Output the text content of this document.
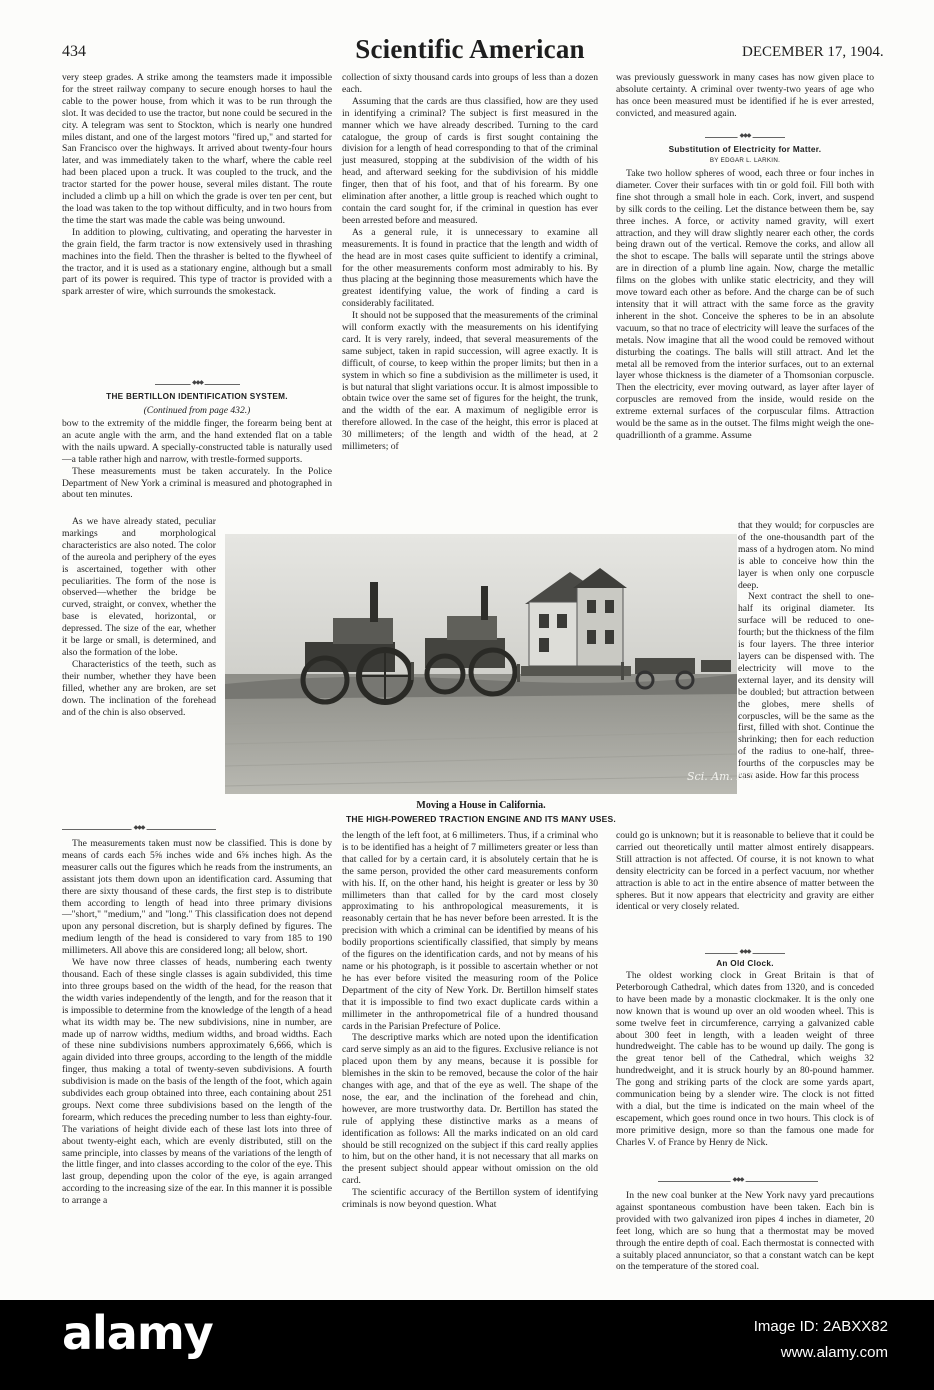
434	Scientific American	DECEMBER 17, 1904.

very steep grades. A strike among the teamsters made it impossible for the street railway company to secure enough horses to haul the cable to the power house, from which it was to be run through the slot. It was decided to use the tractor, but none could be secured in the city. A telegram was sent to Stockton, which is nearly one hundred miles distant, and one of the largest motors "fired up," and started for San Francisco over the highways. It arrived about twenty-four hours later, and was immediately taken to the wharf, where the cable reel had been placed upon a truck. It was coupled to the truck, and the tractor started for the power house, several miles distant. The route included a climb up a hill on which the grade is over ten per cent, but the load was taken to the top without difficulty, and in two hours from the time the start was made the cable was being unwound.

In addition to plowing, cultivating, and operating the harvester in the grain field, the farm tractor is now extensively used in thrashing machines into the field. Then the thrasher is belted to the flywheel of the tractor, and it is used as a stationary engine, although but a small part of its power is required. This type of tractor is provided with a spark arrester of wire, which surrounds the smokestack.

◆◆◆
THE BERTILLON IDENTIFICATION SYSTEM.
(Continued from page 432.)

bow to the extremity of the middle finger, the forearm being bent at an acute angle with the arm, and the hand extended flat on a table with the nails upward. A specially-constructed table is naturally used—a table rather high and narrow, with trestle-formed supports.

These measurements must be taken accurately. In the Police Department of New York a criminal is measured and photographed in about ten minutes.

As we have already stated, peculiar markings and morphological characteristics are also noted. The color of the aureola and periphery of the eyes is ascertained, together with other peculiarities. The form of the nose is observed—whether the bridge be curved, straight, or convex, whether the base is elevated, horizontal, or depressed. The size of the ear, whether it be large or small, is determined, and also the formation of the lobe.

Characteristics of the teeth, such as their number, whether they have been filled, whether any are broken, are set down. The inclination of the forehead and of the chin is also observed.

◆◆◆

The measurements taken must now be classified. This is done by means of cards each 5⅝ inches wide and 6⅝ inches high. As the measurer calls out the figures which he reads from the instruments, an assistant jots them down upon an identification card. Assuming that there are sixty thousand of these cards, the first step is to distribute them according to length of head into three primary divisions—"short," "medium," and "long." This classification does not depend upon any personal discretion, but is sharply defined by figures. The medium length of the head is considered to vary from 185 to 190 millimeters. All above this are considered long; all below, short.

We have now three classes of heads, numbering each twenty thousand. Each of these single classes is again subdivided, this time into three groups based on the width of the head, for the reason that the width varies independently of the length, and for the reason that it is impossible to determine from the knowledge of the length of a head what its width may be. The new subdivisions, nine in number, are made up of narrow widths, medium widths, and broad widths. Each of these nine subdivisions numbers approximately 6,666, which is again divided into three groups, according to the length of the middle finger, thus making a total of twenty-seven subdivisions. A fourth subdivision is made on the basis of the length of the foot, which again subdivides each group obtained into three, each containing about 251 groups. Next come three subdivisions based on the length of the forearm, which reduces the preceding number to less than eighty-four. The variations of height divide each of these last lots into three of about twenty-eight each, which are evenly distributed, still on the same principle, into classes by means of the variations of the length of the little finger, and into classes according to the color of the eye. This last group, depending upon the color of the eye, is again arranged according to the increasing size of the ear. In this manner it is possible to arrange a

collection of sixty thousand cards into groups of less than a dozen each.

Assuming that the cards are thus classified, how are they used in identifying a criminal? The subject is first measured in the manner which we have already described. Turning to the card catalogue, the group of cards is first sought containing the division for a length of head corresponding to that of the criminal just measured, stopping at the subdivision of the width of his head, and afterward seeking for the subdivision of his middle finger, then that of his foot, and that of his forearm. By one elimination after another, a little group is reached which ought to contain the card sought for, if the criminal in question has ever been arrested before and measured.

As a general rule, it is unnecessary to examine all measurements. It is found in practice that the length and width of the head are in most cases quite sufficient to identify a criminal, for the other measurements conform most admirably to his. By thus placing at the beginning those measurements which have the greatest identifying value, the work of finding a card is considerably facilitated.

It should not be supposed that the measurements of the criminal will conform exactly with the measurements on his identifying card. It is very rarely, indeed, that several measurements of the same subject, taken in rapid succession, will agree exactly. It is difficult, of course, to keep within the proper limits; but then in a system in which so fine a subdivision as the millimeter is used, it is but natural that slight variations occur. It is almost impossible to obtain twice over the same set of figures for the height, the trunk, and the width of the ear. A maximum of negligible error is therefore allowed. In the case of the height, this error is placed at 30 millimeters; of the length and width of the head, at 2 millimeters; of

was previously guesswork in many cases has now given place to absolute certainty. A criminal over twenty-two years of age who has once been measured must be identified if he is ever arrested, convicted, and measured again.

◆◆◆
Substitution of Electricity for Matter.
BY EDGAR L. LARKIN.

Take two hollow spheres of wood, each three or four inches in diameter. Cover their surfaces with tin or gold foil. Fill both with fine shot through a small hole in each. Cork, invert, and suspend by silk cords to the ceiling. Let the distance between them be, say three inches. A force, or activity named gravity, will exert attraction, and they will draw slightly nearer each other, the cords being drawn out of the vertical. Remove the corks, and allow all the shot to escape. The balls will separate until the strings above are in direction of a plumb line again. Now, charge the metallic films on the globes with unlike static electricity, and they will move toward each other as before. And the charge can be of such intensity that it will attract with the same force as the gravity inherent in the shot. Conceive the spheres to be in an absolute vacuum, so that no trace of electricity will leave the surfaces of the metals. Now imagine that all the wood could be removed without disturbing the coatings. The balls will still attract. And let the metal all be removed from the interior surfaces, out to an external layer whose thickness is the diameter of a Thomsonian corpuscle. Then the electricity, ever moving outward, as layer after layer of corpuscles are removed from the inside, would reside on the extreme external surfaces of the corpuscular films. Attraction would be the same as in the outset. The films might weigh the one-quadrillionth of a gramme. Assume

that they would; for corpuscles are of the one-thousandth part of the mass of a hydrogen atom. No mind is able to conceive how thin the layer is when only one corpuscle deep.

Next contract the shell to one-half its original diameter. Its surface will be reduced to one-fourth; but the thickness of the film is four layers. The three interior layers can be dispensed with. The electricity will move to the external layer, and its density will be doubled; but attraction between the globes, mere shells of corpuscles, will be the same as the first, filled with shot. Continue the shrinking; then for each reduction of the radius to one-half, three-fourths of the corpuscles may be cast aside. How far this process

Sci. Am. N.Y.
Moving a House in California.
THE HIGH-POWERED TRACTION ENGINE AND ITS MANY USES.

the length of the left foot, at 6 millimeters. Thus, if a criminal who is to be identified has a height of 7 millimeters greater or less than that called for by a certain card, it is absolutely certain that he is the same person, provided the other card measurements conform with his. If, on the other hand, his height is greater or less by 30 millimeters than that called for by the card most closely approximating to his anthropological measurements, it is reasonably certain that he has never before been arrested. It is the precision with which a criminal can be identified by means of his bodily proportions scientifically classified, that simply by means of the figures on the identification cards, and not by means of his name or his photograph, is it possible to ascertain whether or not he has ever before visited the measuring room of the Police Department of the city of New York. Dr. Bertillon himself states that it is impossible to find two exact duplicate cards within a millimeter in the anthropometrical file of a hundred thousand cards in the Parisian Prefecture of Police.

The descriptive marks which are noted upon the identification card serve simply as an aid to the figures. Exclusive reliance is not placed upon them by any means, because it is possible for blemishes in the skin to be removed, because the color of the hair changes with age, and that of the eye as well. The shape of the nose, the ear, and the inclination of the forehead and chin, however, are more trustworthy data. Dr. Bertillon has stated the rule of applying these distinctive marks as a means of identification as follows: All the marks indicated on an old card should be still recognized on the subject if this card really applies to him, but on the other hand, it is not necessary that all marks on the present subject should appear without omission on the old card.

The scientific accuracy of the Bertillon system of identifying criminals is now beyond question. What

could go is unknown; but it is reasonable to believe that it could be carried out theoretically until matter almost entirely disappears. Still attraction is not affected. Of course, it is not known to what density electricity can be forced in a perfect vacuum, nor whether attraction is able to act in the entire absence of matter between the spheres. But it now appears that electricity and gravity are either identical or very closely related.

◆◆◆
An Old Clock.

The oldest working clock in Great Britain is that of Peterborough Cathedral, which dates from 1320, and is conceded to have been made by a monastic clockmaker. It is the only one now known that is wound up over an old wooden wheel. This is some twelve feet in circumference, carrying a galvanized cable about 300 feet in length, with a leaden weight of three hundredweight. The cable has to be wound up daily. The gong is the great tenor bell of the Cathedral, which weighs 32 hundredweight, and it is struck hourly by an 80-pound hammer. The gong and striking parts of the clock are some yards apart, communication being by a slender wire. The clock is not fitted with a dial, but the time is indicated on the main wheel of the escapement, which goes round once in two hours. This clock is of more primitive design, more so than the famous one made for Charles V. of France by Henry de Nick.

◆◆◆

In the new coal bunker at the New York navy yard precautions against spontaneous combustion have been taken. Each bin is provided with two galvanized iron pipes 4 inches in diameter, 20 feet long, which are so hung that a thermostat may be moved through the entire depth of coal. Each thermostat is connected with a suitably placed annunciator, so that a constant watch can be kept on the temperature of the stored coal.

alamy	Image ID: 2ABXX82
www.alamy.com
